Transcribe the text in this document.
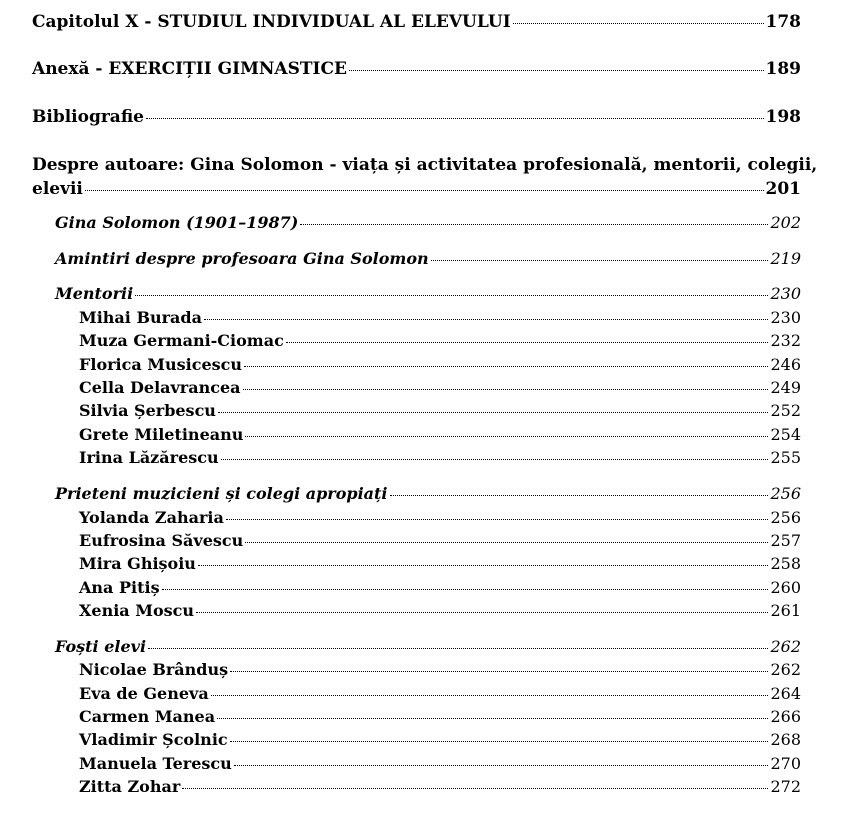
Capitolul X - STUDIUL INDIVIDUAL AL ELEVULUI	178
Anexă - EXERCIȚII GIMNASTICE	189
Bibliografie	198
Despre autoare: Gina Solomon - viața și activitatea profesională, mentorii, colegii,
elevii	201
Gina Solomon (1901–1987)	202
Amintiri despre profesoara Gina Solomon	219
Mentorii	230
Mihai Burada	230
Muza Germani-Ciomac	232
Florica Musicescu	246
Cella Delavrancea	249
Silvia Șerbescu	252
Grete Miletineanu	254
Irina Lăzărescu	255
Prieteni muzicieni și colegi apropiați	256
Yolanda Zaharia	256
Eufrosina Săvescu	257
Mira Ghișoiu	258
Ana Pitiș	260
Xenia Moscu	261
Foști elevi	262
Nicolae Brânduș	262
Eva de Geneva	264
Carmen Manea	266
Vladimir Școlnic	268
Manuela Terescu	270
Zitta Zohar	272
